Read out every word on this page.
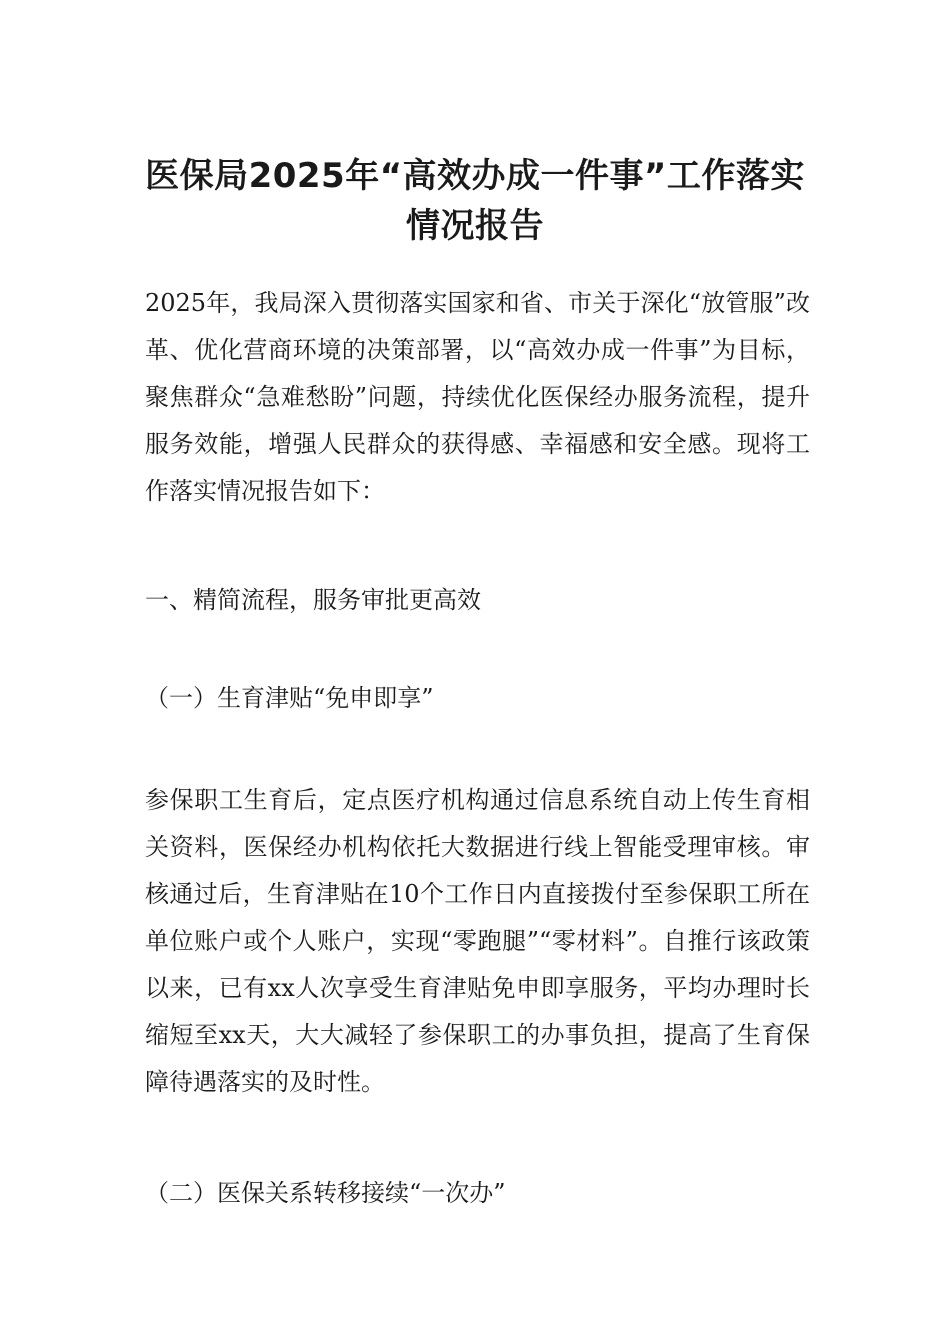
医保局2025年“高效办成一件事”工作落实情况报告

2025年，我局深入贯彻落实国家和省、市关于深化“放管服”改革、优化营商环境的决策部署，以“高效办成一件事”为目标，聚焦群众“急难愁盼”问题，持续优化医保经办服务流程，提升服务效能，增强人民群众的获得感、幸福感和安全感。现将工作落实情况报告如下：

一、精简流程，服务审批更高效

（一）生育津贴“免申即享”

参保职工生育后，定点医疗机构通过信息系统自动上传生育相关资料，医保经办机构依托大数据进行线上智能受理审核。审核通过后，生育津贴在10个工作日内直接拨付至参保职工所在单位账户或个人账户，实现“零跑腿”“零材料”。自推行该政策以来，已有xx人次享受生育津贴免申即享服务，平均办理时长缩短至xx天，大大减轻了参保职工的办事负担，提高了生育保障待遇落实的及时性。

（二）医保关系转移接续“一次办”
